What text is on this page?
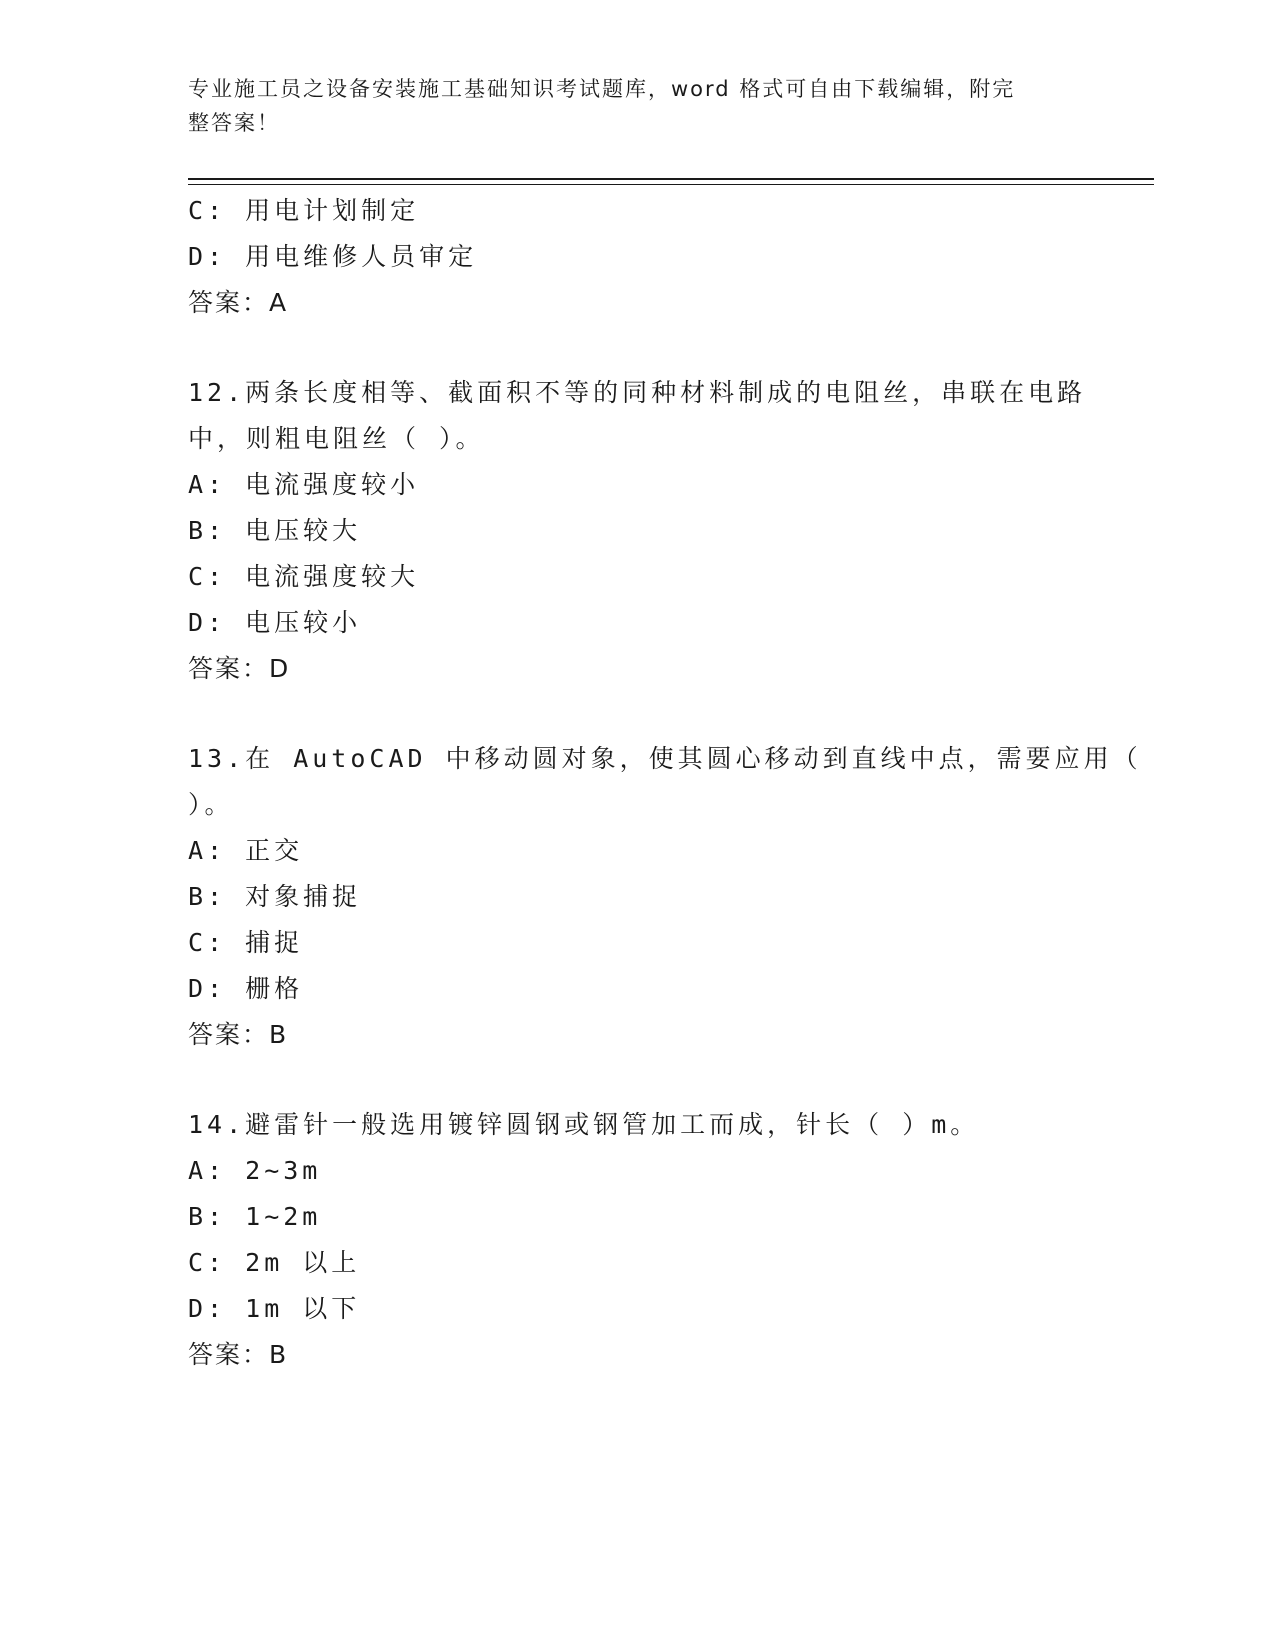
专业施工员之设备安装施工基础知识考试题库，word 格式可自由下载编辑，附完
整答案！
C: 用电计划制定
D: 用电维修人员审定
答案：A
12.两条长度相等、截面积不等的同种材料制成的电阻丝，串联在电路
中，则粗电阻丝（ ）。
A: 电流强度较小
B: 电压较大
C: 电流强度较大
D: 电压较小
答案：D
13.在 AutoCAD 中移动圆对象，使其圆心移动到直线中点，需要应用（
）。
A: 正交
B: 对象捕捉
C: 捕捉
D: 栅格
答案：B
14.避雷针一般选用镀锌圆钢或钢管加工而成，针长（ ）m。
A: 2~3m
B: 1~2m
C: 2m 以上
D: 1m 以下
答案：B
